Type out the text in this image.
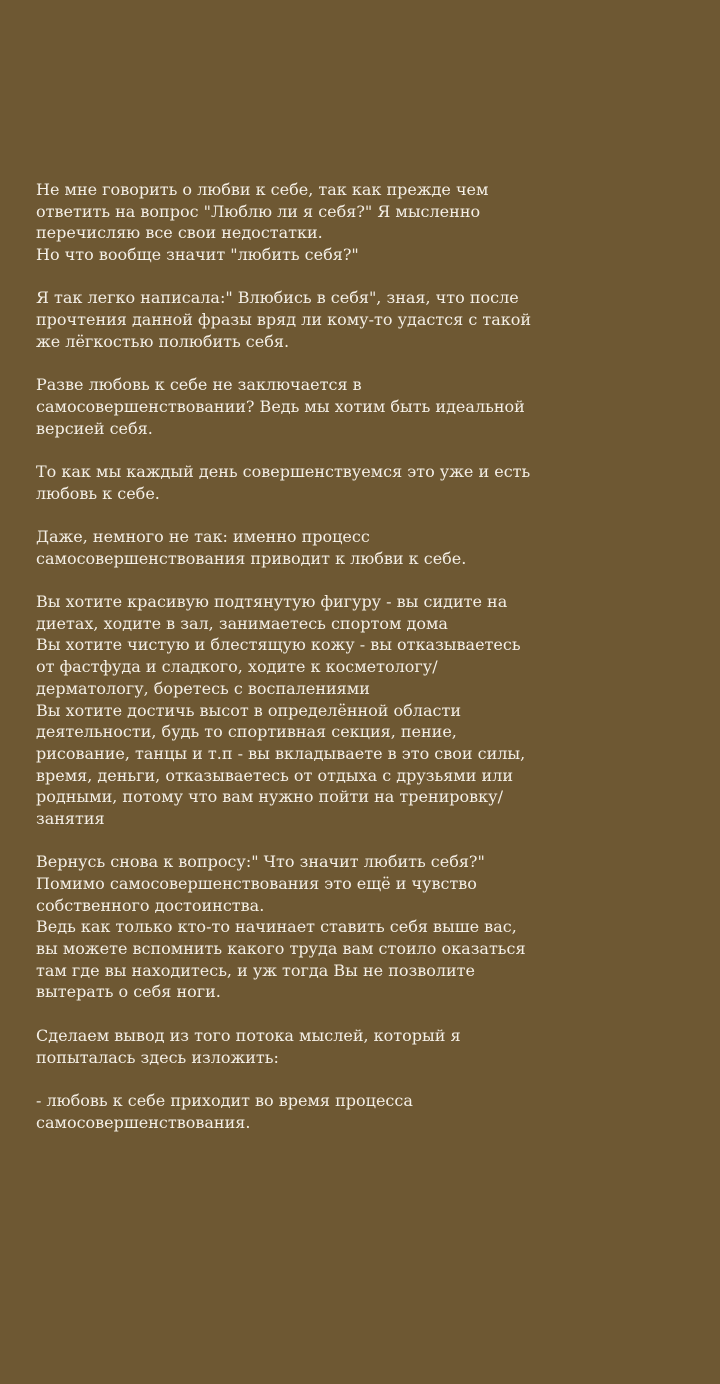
Не мне говорить о любви к себе, так как прежде чем
ответить на вопрос "Люблю ли я себя?" Я мысленно
перечисляю все свои недостатки.
Но что вообще значит "любить себя?"
Я так легко написала:" Влюбись в себя", зная, что после
прочтения данной фразы вряд ли кому-то удастся с такой
же лёгкостью полюбить себя.
Разве любовь к себе не заключается в
самосовершенствовании? Ведь мы хотим быть идеальной
версией себя.
То как мы каждый день совершенствуемся это уже и есть
любовь к себе.
Даже, немного не так: именно процесс
самосовершенствования приводит к любви к себе.
Вы хотите красивую подтянутую фигуру - вы сидите на
диетах, ходите в зал, занимаетесь спортом дома
Вы хотите чистую и блестящую кожу - вы отказываетесь
от фастфуда и сладкого, ходите к косметологу/
дерматологу, боретесь с воспалениями
Вы хотите достичь высот в определённой области
деятельности, будь то спортивная секция, пение,
рисование, танцы и т.п - вы вкладываете в это свои силы,
время, деньги, отказываетесь от отдыха с друзьями или
родными, потому что вам нужно пойти на тренировку/
занятия
Вернусь снова к вопросу:" Что значит любить себя?"
Помимо самосовершенствования это ещё и чувство
собственного достоинства.
Ведь как только кто-то начинает ставить себя выше вас,
вы можете вспомнить какого труда вам стоило оказаться
там где вы находитесь, и уж тогда Вы не позволите
вытерать о себя ноги.
Сделаем вывод из того потока мыслей, который я
попыталась здесь изложить:
- любовь к себе приходит во время процесса
самосовершенствования.
